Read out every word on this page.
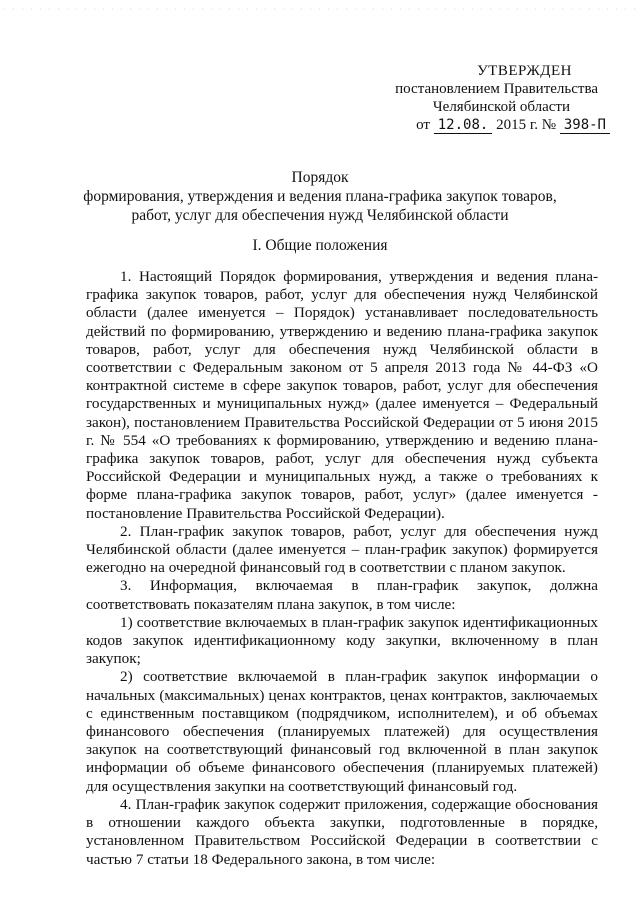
УТВЕРЖДЕН
постановлением Правительства
Челябинской области
от 12.08. 2015 г. № 398-П
Порядок
формирования, утверждения и ведения плана-графика закупок товаров,
работ, услуг для обеспечения нужд Челябинской области
I. Общие положения

1. Настоящий Порядок формирования, утверждения и ведения плана-графика закупок товаров, работ, услуг для обеспечения нужд Челябинской области (далее именуется – Порядок) устанавливает последовательность действий по формированию, утверждению и ведению плана-графика закупок товаров, работ, услуг для обеспечения нужд Челябинской области в соответствии с Федеральным законом от 5 апреля 2013 года № 44-ФЗ «О контрактной системе в сфере закупок товаров, работ, услуг для обеспечения государственных и муниципальных нужд» (далее именуется – Федеральный закон), постановлением Правительства Российской Федерации от 5 июня 2015 г. № 554 «О требованиях к формированию, утверждению и ведению плана-графика закупок товаров, работ, услуг для обеспечения нужд субъекта Российской Федерации и муниципальных нужд, а также о требованиях к форме плана-графика закупок товаров, работ, услуг» (далее именуется - постановление Правительства Российской Федерации).

2. План-график закупок товаров, работ, услуг для обеспечения нужд Челябинской области (далее именуется – план-график закупок) формируется ежегодно на очередной финансовый год в соответствии с планом закупок.

3. Информация, включаемая в план-график закупок, должна соответствовать показателям плана закупок, в том числе:

1) соответствие включаемых в план-график закупок идентификационных кодов закупок идентификационному коду закупки, включенному в план закупок;

2) соответствие включаемой в план-график закупок информации о начальных (максимальных) ценах контрактов, ценах контрактов, заключаемых с единственным поставщиком (подрядчиком, исполнителем), и об объемах финансового обеспечения (планируемых платежей) для осуществления закупок на соответствующий финансовый год включенной в план закупок информации об объеме финансового обеспечения (планируемых платежей) для осуществления закупки на соответствующий финансовый год.

4. План-график закупок содержит приложения, содержащие обоснования в отношении каждого объекта закупки, подготовленные в порядке, установленном Правительством Российской Федерации в соответствии с частью 7 статьи 18 Федерального закона, в том числе:
